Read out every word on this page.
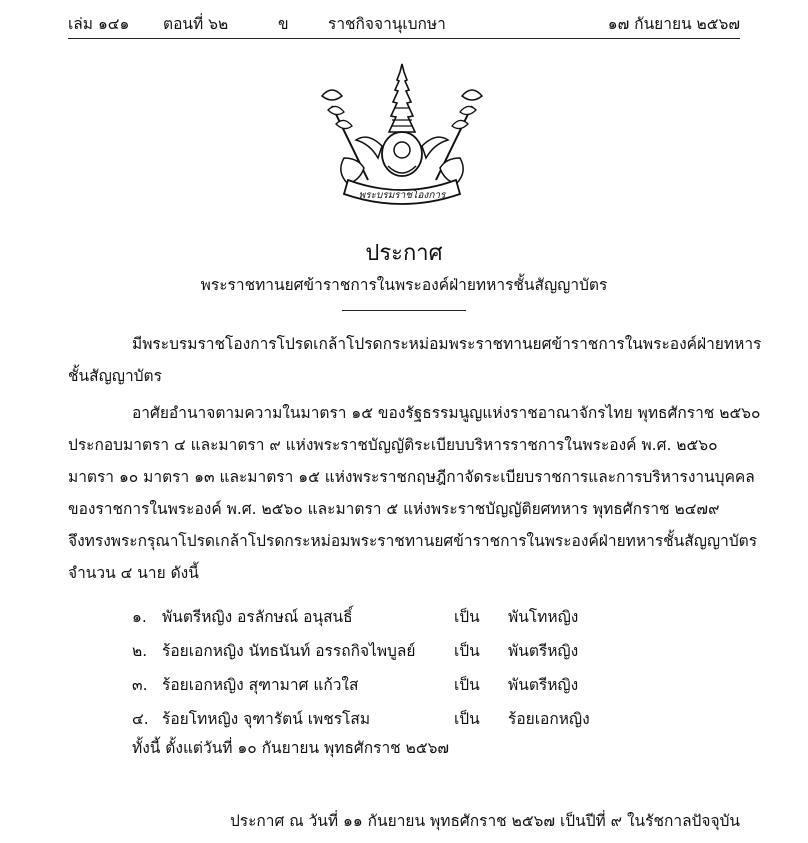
เล่ม ๑๔๑ ตอนที่ ๖๒	ข	ราชกิจจานุเบกษา	๑๗ กันยายน ๒๕๖๗
พระบรมราชโองการ
ประกาศ
พระราชทานยศข้าราชการในพระองค์ฝ่ายทหารชั้นสัญญาบัตร
มีพระบรมราชโองการโปรดเกล้าโปรดกระหม่อมพระราชทานยศข้าราชการในพระองค์ฝ่ายทหาร
ชั้นสัญญาบัตร
อาศัยอำนาจตามความในมาตรา ๑๕ ของรัฐธรรมนูญแห่งราชอาณาจักรไทย พุทธศักราช ๒๕๖๐
ประกอบมาตรา ๔ และมาตรา ๙ แห่งพระราชบัญญัติระเบียบบริหารราชการในพระองค์ พ.ศ. ๒๕๖๐
มาตรา ๑๐ มาตรา ๑๓ และมาตรา ๑๕ แห่งพระราชกฤษฎีกาจัดระเบียบราชการและการบริหารงานบุคคล
ของราชการในพระองค์ พ.ศ. ๒๕๖๐ และมาตรา ๕ แห่งพระราชบัญญัติยศทหาร พุทธศักราช ๒๔๗๙
จึงทรงพระกรุณาโปรดเกล้าโปรดกระหม่อมพระราชทานยศข้าราชการในพระองค์ฝ่ายทหารชั้นสัญญาบัตร
จำนวน ๔ นาย ดังนี้
๑. พันตรีหญิง อรลักษณ์ อนุสนธิ์	เป็น พันโทหญิง
๒. ร้อยเอกหญิง นัทธนันท์ อรรถกิจไพบูลย์ เป็น พันตรีหญิง
๓. ร้อยเอกหญิง สุฑามาศ แก้วใส	เป็น พันตรีหญิง
๔. ร้อยโทหญิง จุฑารัตน์ เพชรโสม	เป็น ร้อยเอกหญิง
ทั้งนี้ ตั้งแต่วันที่ ๑๐ กันยายน พุทธศักราช ๒๕๖๗
ประกาศ ณ วันที่ ๑๑ กันยายน พุทธศักราช ๒๕๖๗ เป็นปีที่ ๙ ในรัชกาลปัจจุบัน
